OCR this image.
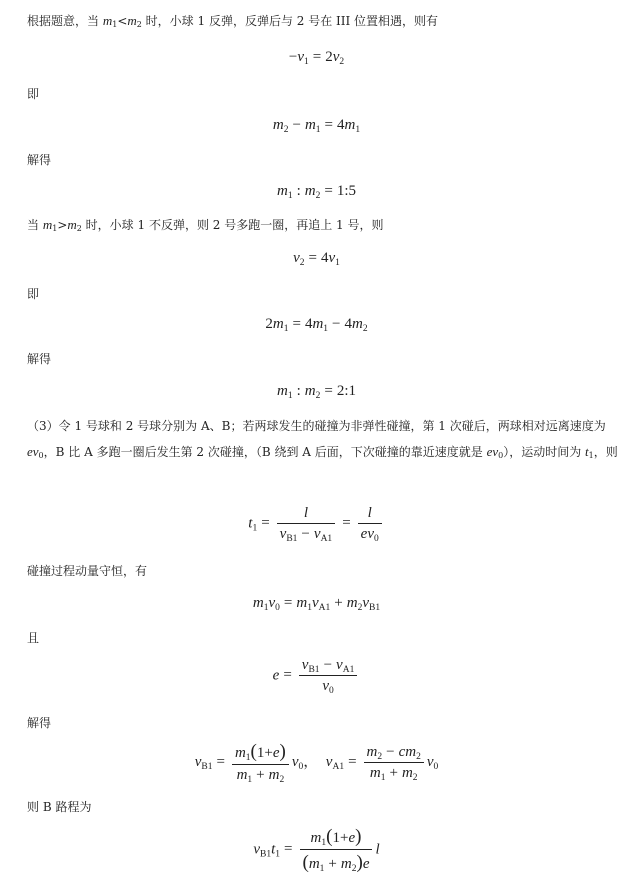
根据题意，当 $m_1<m_2$ 时，小球 1 反弹，反弹后与 2 号在 III 位置相遇，则有
$-v_1 = 2v_2$
即
$m_2 - m_1 = 4m_1$
解得
$m_1$ : $m_2$ = 1:5
当 $m_1>m_2$ 时，小球 1 不反弹，则 2 号多跑一圈，再追上 1 号，则
$v_2 = 4v_1$
即
$2m_1 = 4m_1 - 4m_2$
解得
$m_1$ : $m_2$ = 2:1
（3）令 1 号球和 2 号球分别为 A、B；若两球发生的碰撞为非弹性碰撞，第 1 次碰后，两球相对远离速度为 $ev_0$，B 比 A 多跑一圈后发生第 2 次碰撞，（B 绕到 A 后面，下次碰撞的靠近速度就是 $ev_0$），运动时间为 $t_1$，则
$t_1 = \frac{l}{v_{B1} - v_{A1}} = \frac{l}{ev_0}$
碰撞过程动量守恒，有
$m_1v_0 = m_1v_{A1} + m_2v_{B1}$
且
$e = \frac{v_{B1} - v_{A1}}{v_0}$
解得
$v_{B1} = \frac{m_1(1+e)}{m_1 + m_2} v_0$，  $v_{A1} = \frac{m_2 - cm_2}{m_1 + m_2} v_0$
则 B 路程为
$v_{B1}t_1 = \frac{m_1(1+e)}{(m_1 + m_2)e}$ l
